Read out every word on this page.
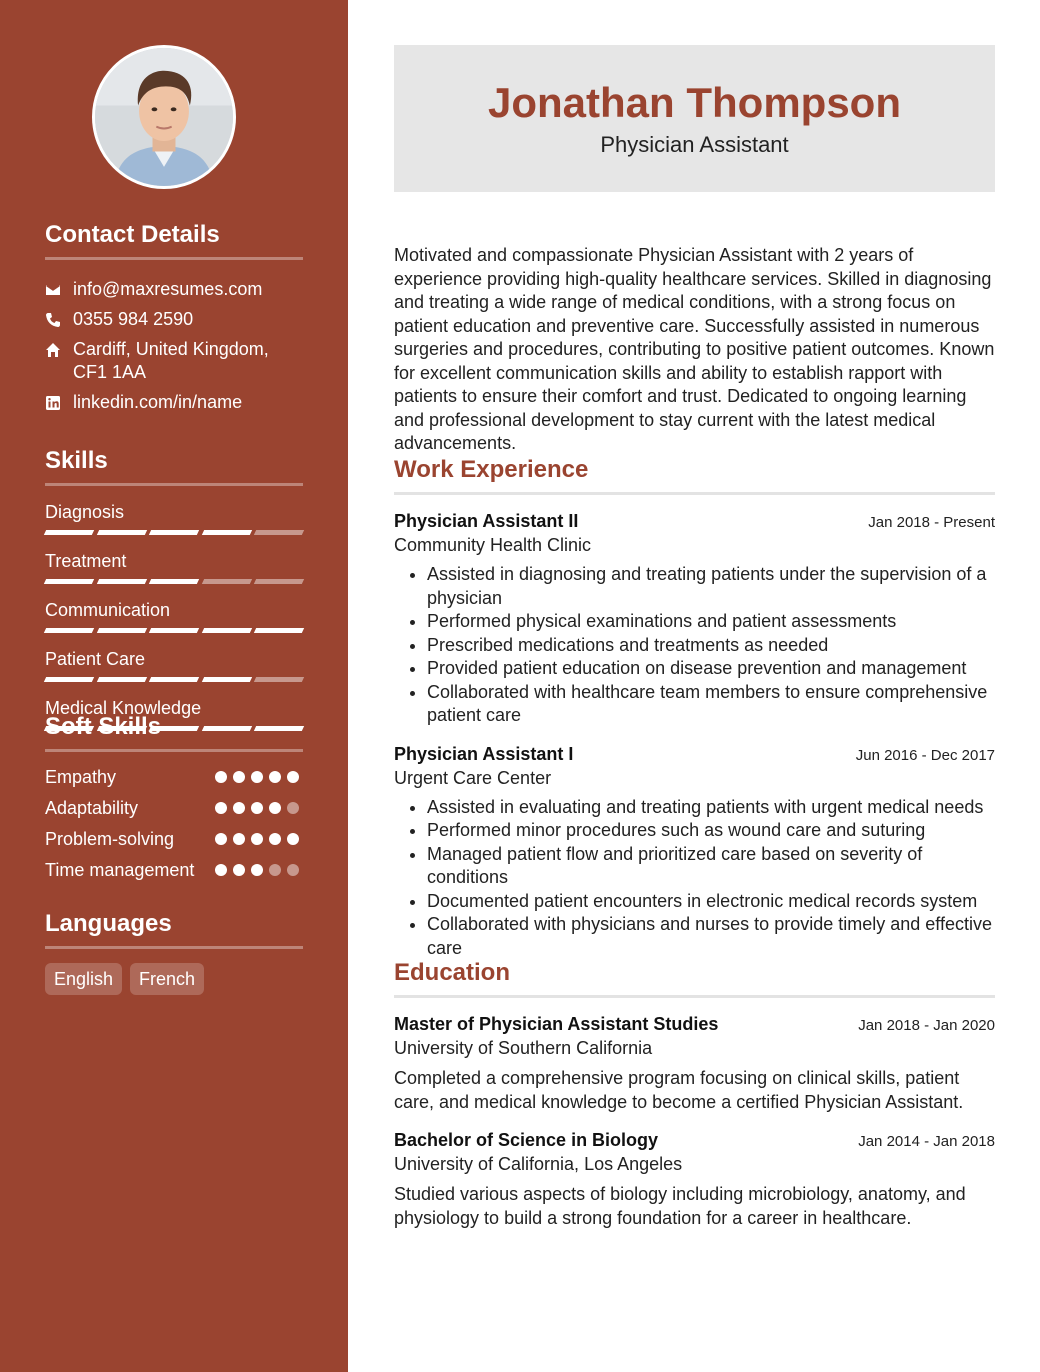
Contact Details
info@maxresumes.com
0355 984 2590
Cardiff, United Kingdom, CF1 1AA
linkedin.com/in/name
Skills
Diagnosis
Treatment
Communication
Patient Care
Medical Knowledge
Soft Skills
Empathy
Adaptability
Problem-solving
Time management
Languages
English	French
Jonathan Thompson
Physician Assistant

Motivated and compassionate Physician Assistant with 2 years of experience providing high-quality healthcare services. Skilled in diagnosing and treating a wide range of medical conditions, with a strong focus on patient education and preventive care. Successfully assisted in numerous surgeries and procedures, contributing to positive patient outcomes. Known for excellent communication skills and ability to establish rapport with patients to ensure their comfort and trust. Dedicated to ongoing learning and professional development to stay current with the latest medical advancements.

Work Experience
Physician Assistant II	Jan 2018 - Present
Community Health Clinic
• Assisted in diagnosing and treating patients under the supervision of a physician
• Performed physical examinations and patient assessments
• Prescribed medications and treatments as needed
• Provided patient education on disease prevention and management
• Collaborated with healthcare team members to ensure comprehensive patient care
Physician Assistant I	Jun 2016 - Dec 2017
Urgent Care Center
• Assisted in evaluating and treating patients with urgent medical needs
• Performed minor procedures such as wound care and suturing
• Managed patient flow and prioritized care based on severity of conditions
• Documented patient encounters in electronic medical records system
• Collaborated with physicians and nurses to provide timely and effective care
Education
Master of Physician Assistant Studies	Jan 2018 - Jan 2020
University of Southern California

Completed a comprehensive program focusing on clinical skills, patient care, and medical knowledge to become a certified Physician Assistant.

Bachelor of Science in Biology	Jan 2014 - Jan 2018
University of California, Los Angeles

Studied various aspects of biology including microbiology, anatomy, and physiology to build a strong foundation for a career in healthcare.
